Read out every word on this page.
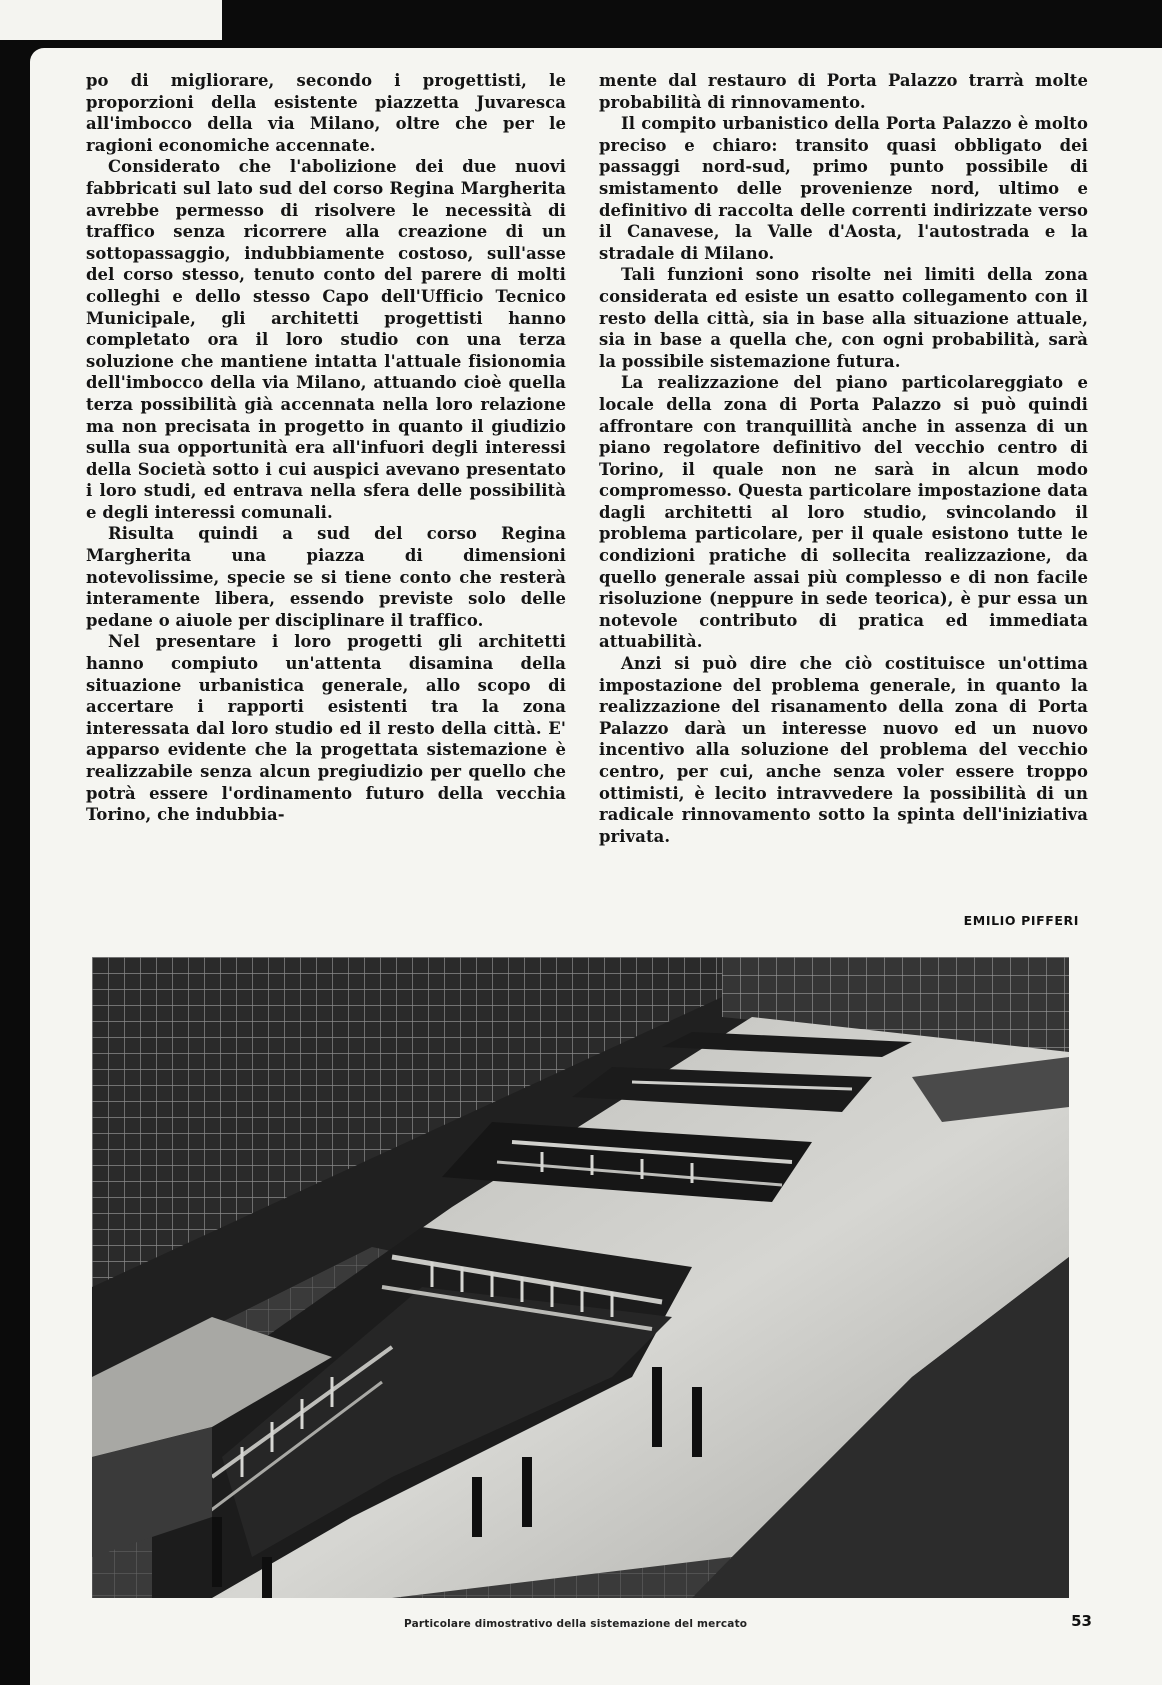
po di migliorare, secondo i progettisti, le proporzioni della esistente piazzetta Juvaresca all'imbocco della via Milano, oltre che per le ragioni economiche accennate.

Considerato che l'abolizione dei due nuovi fabbricati sul lato sud del corso Regina Margherita avrebbe permesso di risolvere le necessità di traffico senza ricorrere alla creazione di un sottopassaggio, indubbiamente costoso, sull'asse del corso stesso, tenuto conto del parere di molti colleghi e dello stesso Capo dell'Ufficio Tecnico Municipale, gli architetti progettisti hanno completato ora il loro studio con una terza soluzione che mantiene intatta l'attuale fisionomia dell'imbocco della via Milano, attuando cioè quella terza possibilità già accennata nella loro relazione ma non precisata in progetto in quanto il giudizio sulla sua opportunità era all'infuori degli interessi della Società sotto i cui auspici avevano presentato i loro studi, ed entrava nella sfera delle possibilità e degli interessi comunali.

Risulta quindi a sud del corso Regina Margherita una piazza di dimensioni notevolissime, specie se si tiene conto che resterà interamente libera, essendo previste solo delle pedane o aiuole per disciplinare il traffico.

Nel presentare i loro progetti gli architetti hanno compiuto un'attenta disamina della situazione urbanistica generale, allo scopo di accertare i rapporti esistenti tra la zona interessata dal loro studio ed il resto della città. E' apparso evidente che la progettata sistemazione è realizzabile senza alcun pregiudizio per quello che potrà essere l'ordinamento futuro della vecchia Torino, che indubbia-

mente dal restauro di Porta Palazzo trarrà molte probabilità di rinnovamento.

Il compito urbanistico della Porta Palazzo è molto preciso e chiaro: transito quasi obbligato dei passaggi nord-sud, primo punto possibile di smistamento delle provenienze nord, ultimo e definitivo di raccolta delle correnti indirizzate verso il Canavese, la Valle d'Aosta, l'autostrada e la stradale di Milano.

Tali funzioni sono risolte nei limiti della zona considerata ed esiste un esatto collegamento con il resto della città, sia in base alla situazione attuale, sia in base a quella che, con ogni probabilità, sarà la possibile sistemazione futura.

La realizzazione del piano particolareggiato e locale della zona di Porta Palazzo si può quindi affrontare con tranquillità anche in assenza di un piano regolatore definitivo del vecchio centro di Torino, il quale non ne sarà in alcun modo compromesso. Questa particolare impostazione data dagli architetti al loro studio, svincolando il problema particolare, per il quale esistono tutte le condizioni pratiche di sollecita realizzazione, da quello generale assai più complesso e di non facile risoluzione (neppure in sede teorica), è pur essa un notevole contributo di pratica ed immediata attuabilità.

Anzi si può dire che ciò costituisce un'ottima impostazione del problema generale, in quanto la realizzazione del risanamento della zona di Porta Palazzo darà un interesse nuovo ed un nuovo incentivo alla soluzione del problema del vecchio centro, per cui, anche senza voler essere troppo ottimisti, è lecito intravvedere la possibilità di un radicale rinnovamento sotto la spinta dell'iniziativa privata.

EMILIO PIFFERI
Particolare dimostrativo della sistemazione del mercato	53
